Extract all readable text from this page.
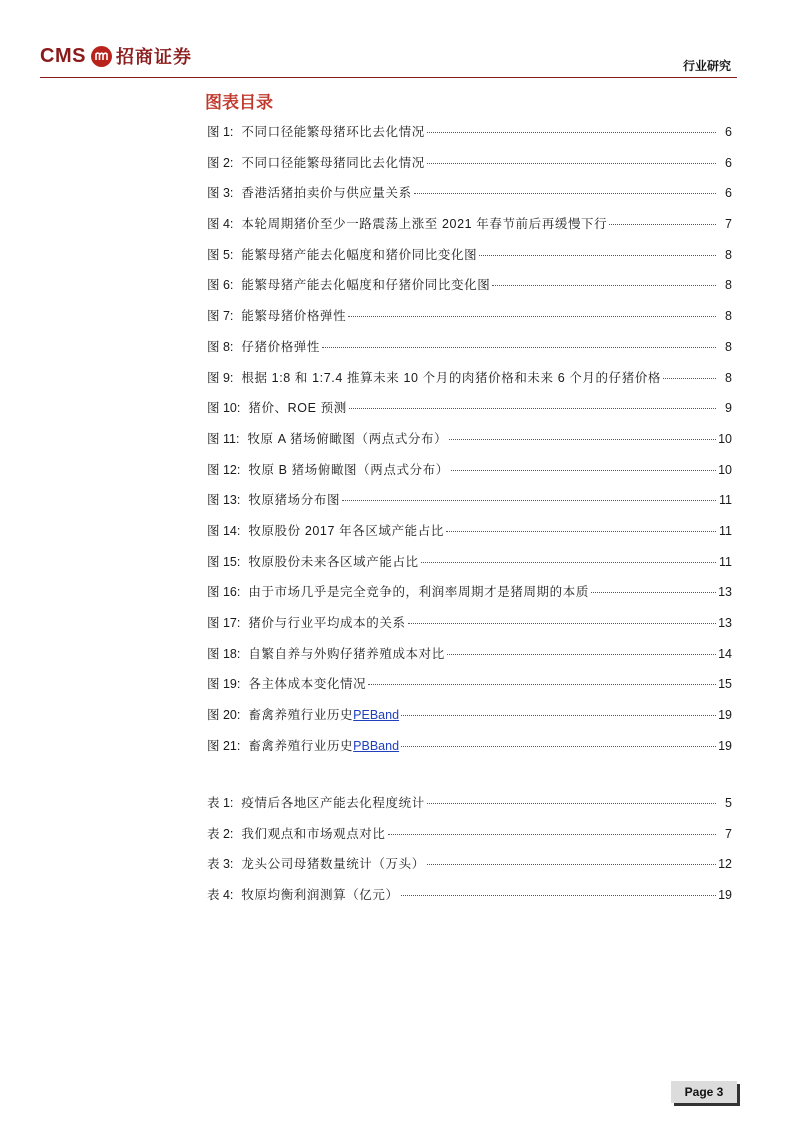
CMS 招商证券	行业研究
图表目录
图 1: 不同口径能繁母猪环比去化情况	6
图 2: 不同口径能繁母猪同比去化情况	6
图 3: 香港活猪拍卖价与供应量关系	6
图 4: 本轮周期猪价至少一路震荡上涨至 2021 年春节前后再缓慢下行	7
图 5: 能繁母猪产能去化幅度和猪价同比变化图	8
图 6: 能繁母猪产能去化幅度和仔猪价同比变化图	8
图 7: 能繁母猪价格弹性	8
图 8: 仔猪价格弹性	8
图 9: 根据 1:8 和 1:7.4 推算未来 10 个月的肉猪价格和未来 6 个月的仔猪价格	8
图 10: 猪价、ROE 预测	9
图 11: 牧原 A 猪场俯瞰图（两点式分布）	10
图 12: 牧原 B 猪场俯瞰图（两点式分布）	10
图 13: 牧原猪场分布图	11
图 14: 牧原股份 2017 年各区域产能占比	11
图 15: 牧原股份未来各区域产能占比	11
图 16: 由于市场几乎是完全竞争的，利润率周期才是猪周期的本质	13
图 17: 猪价与行业平均成本的关系	13
图 18: 自繁自养与外购仔猪养殖成本对比	14
图 19: 各主体成本变化情况	15
图 20: 畜禽养殖行业历史 PEBand	19
图 21: 畜禽养殖行业历史 PBBand	19
表 1: 疫情后各地区产能去化程度统计	5
表 2: 我们观点和市场观点对比	7
表 3: 龙头公司母猪数量统计（万头）	12
表 4: 牧原均衡利润测算（亿元）	19
Page 3
